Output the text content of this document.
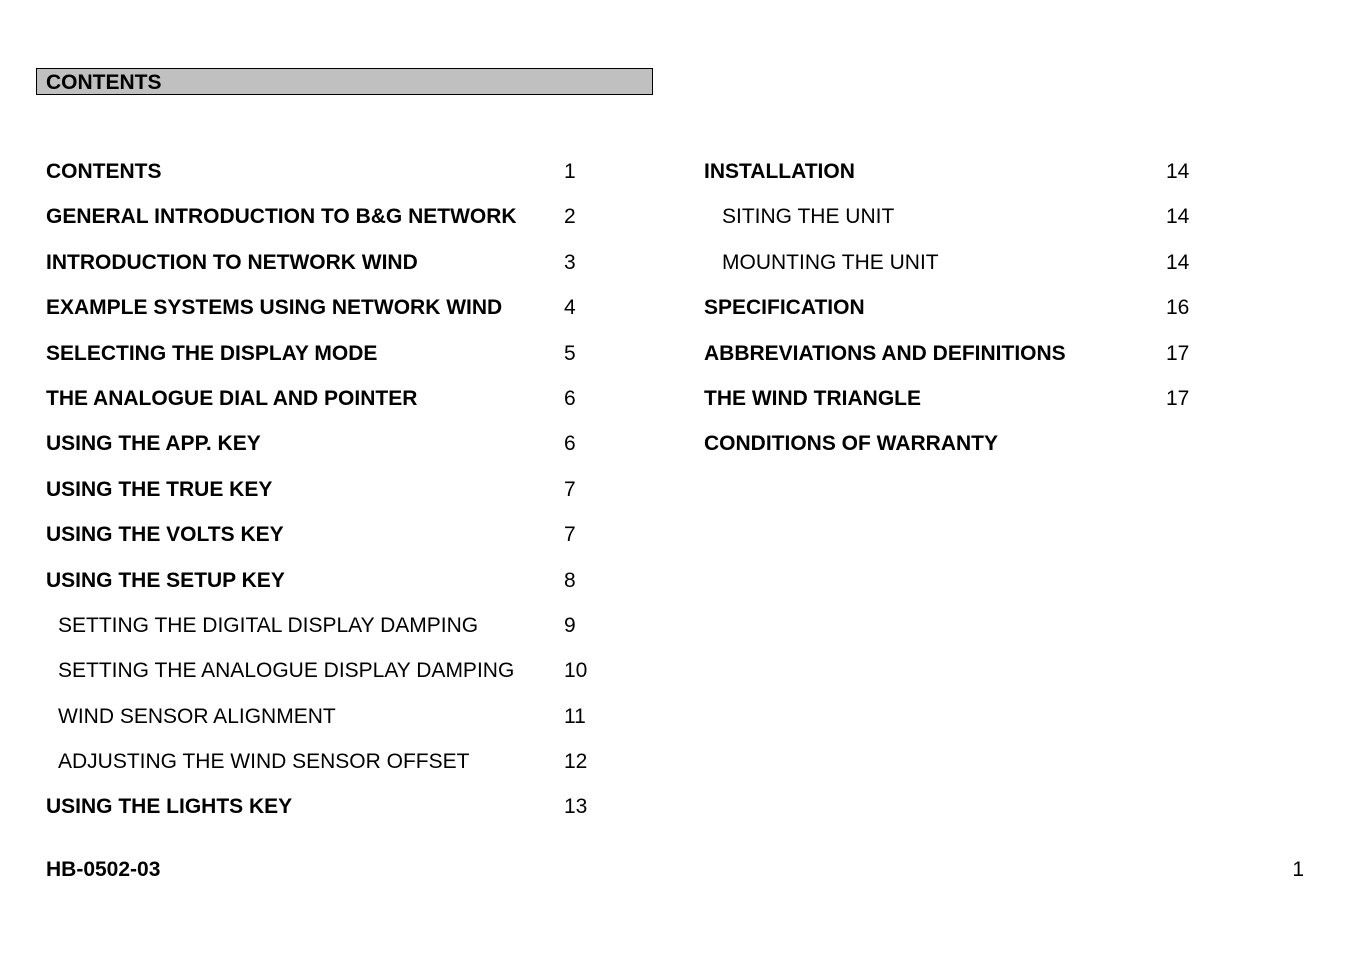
CONTENTS
CONTENTS	1
GENERAL INTRODUCTION TO B&G NETWORK 2
INTRODUCTION TO NETWORK WIND	3
EXAMPLE SYSTEMS USING NETWORK WIND	4
SELECTING THE DISPLAY MODE	5
THE ANALOGUE DIAL AND POINTER	6
USING THE APP. KEY	6
USING THE TRUE KEY	7
USING THE VOLTS KEY	7
USING THE SETUP KEY	8
SETTING THE DIGITAL DISPLAY DAMPING	9
SETTING THE ANALOGUE DISPLAY DAMPING 10
WIND SENSOR ALIGNMENT	11
ADJUSTING THE WIND SENSOR OFFSET	12
USING THE LIGHTS KEY	13
INSTALLATION	14
SITING THE UNIT	14
MOUNTING THE UNIT	14
SPECIFICATION	16
ABBREVIATIONS AND DEFINITIONS	17
THE WIND TRIANGLE	17
CONDITIONS OF WARRANTY
HB-0502-03	1
